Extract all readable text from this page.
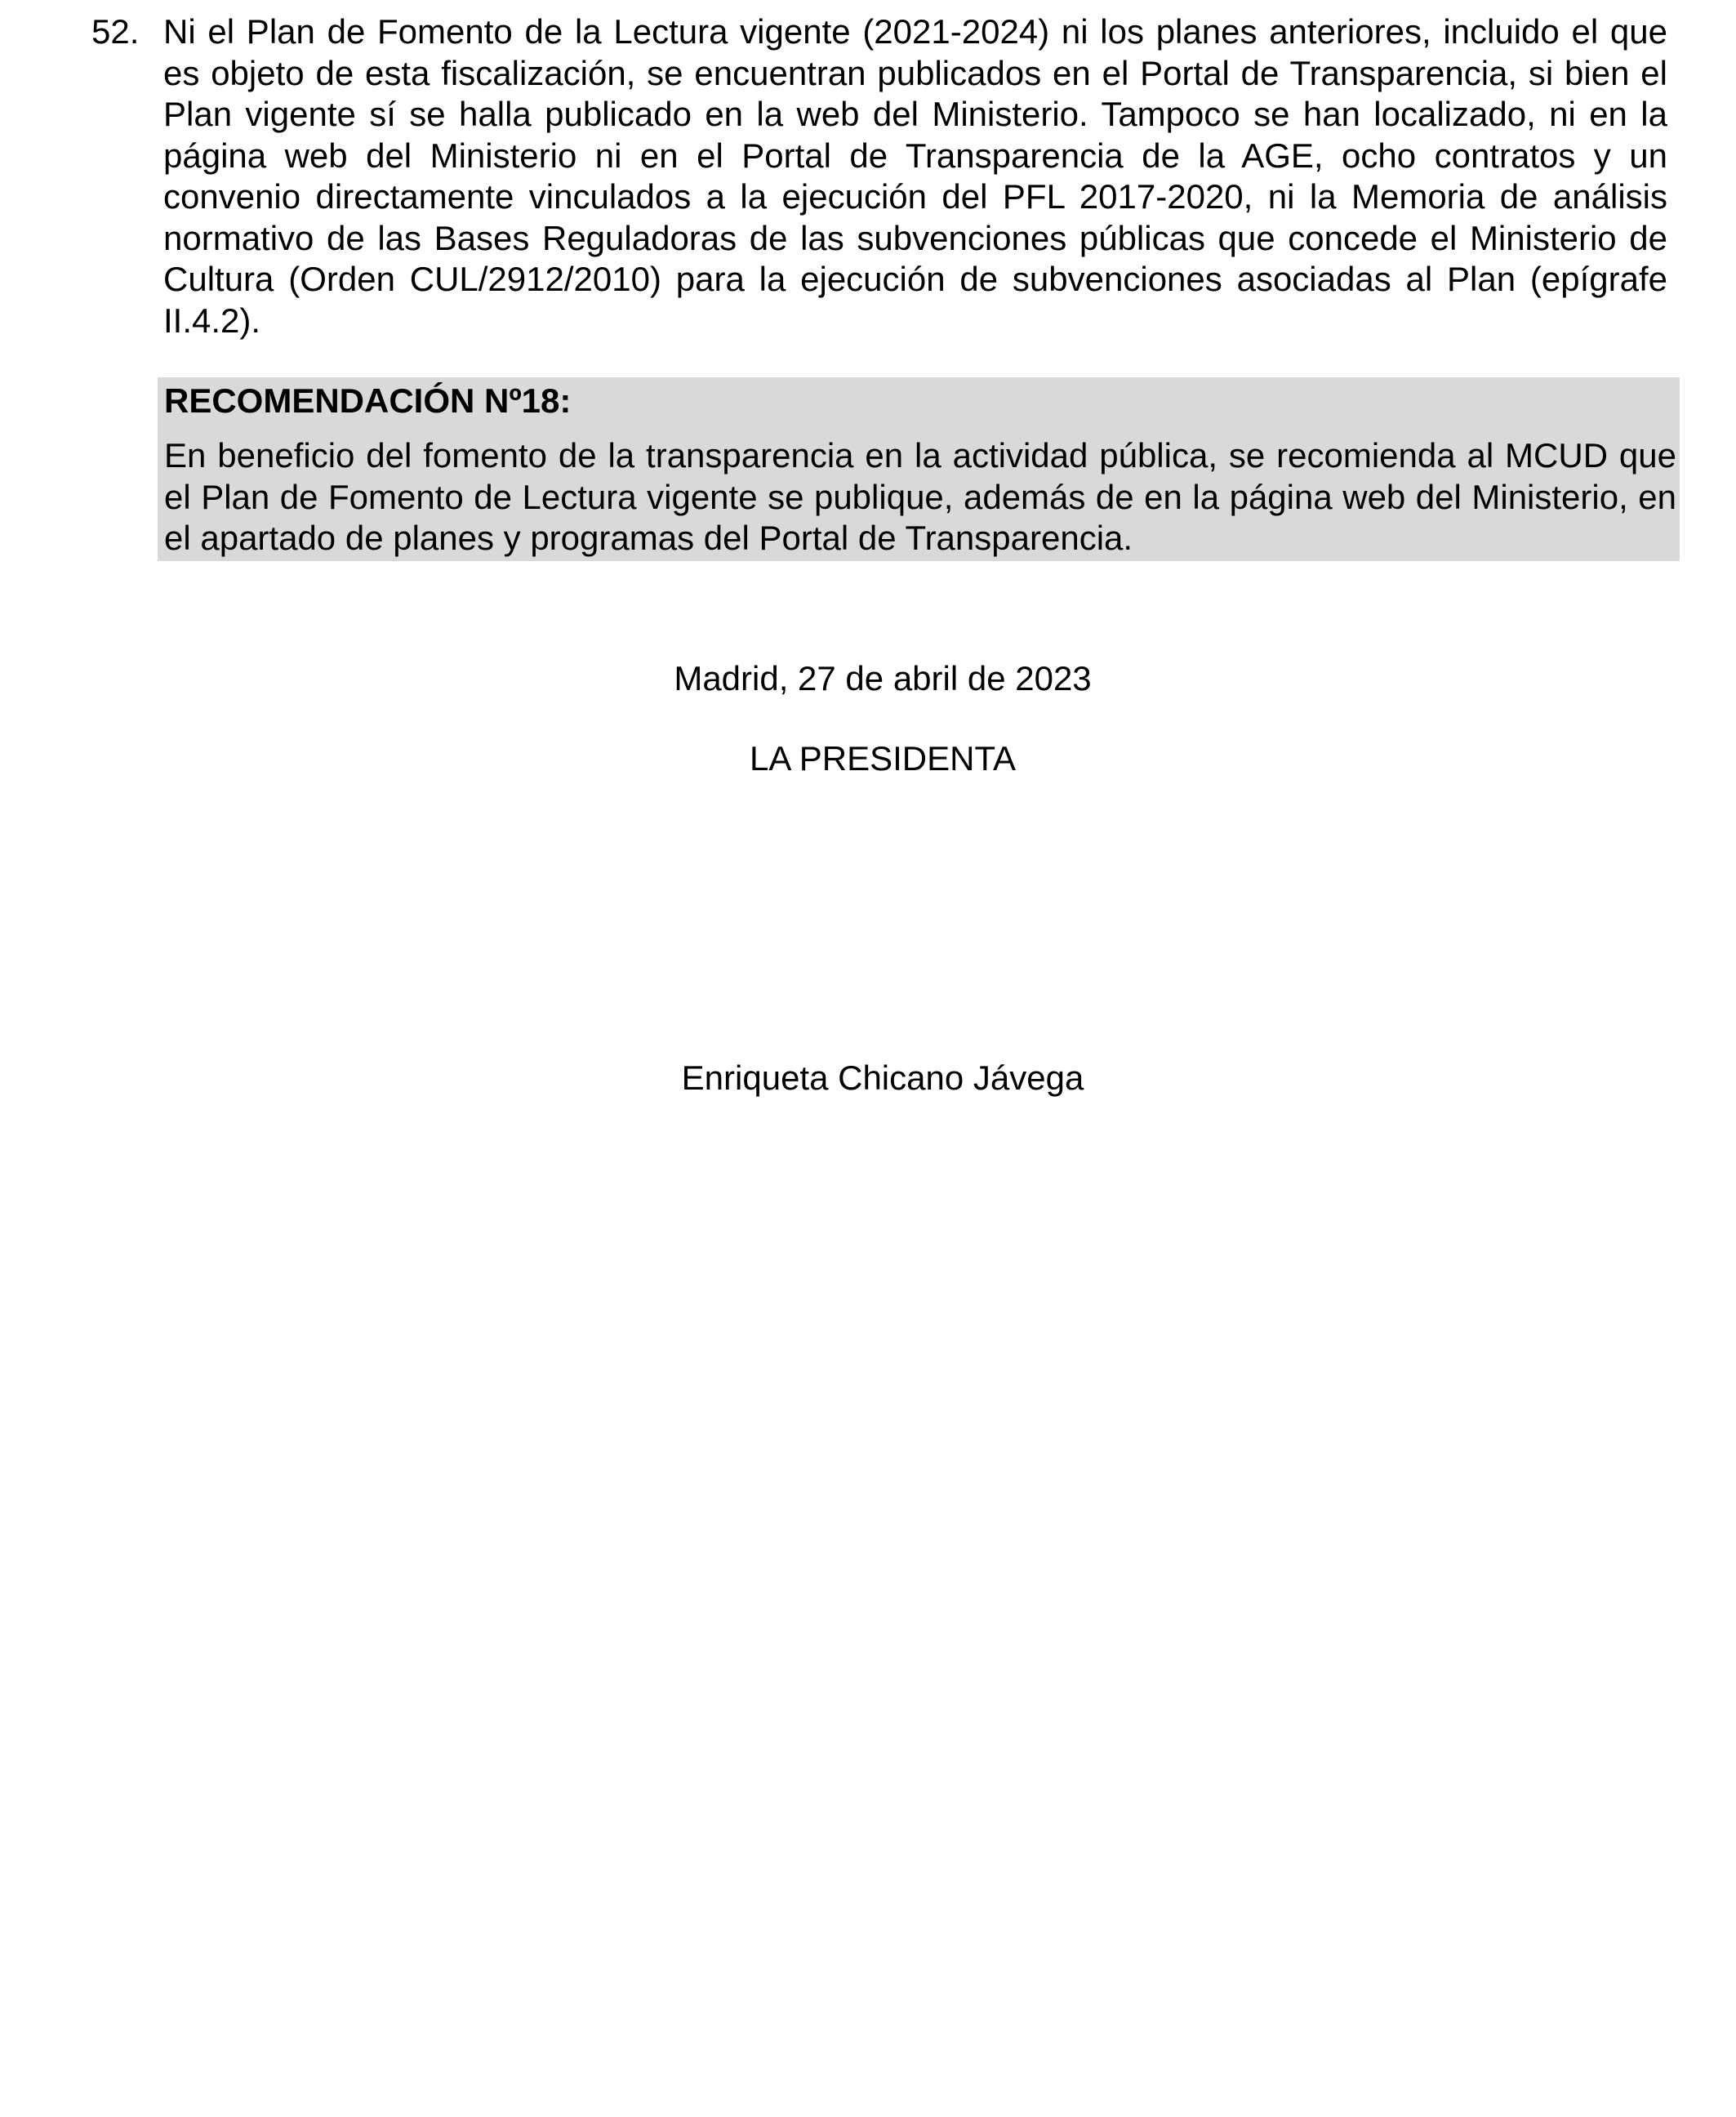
52. Ni el Plan de Fomento de la Lectura vigente (2021-2024) ni los planes anteriores, incluido el que es objeto de esta fiscalización, se encuentran publicados en el Portal de Transparencia, si bien el Plan vigente sí se halla publicado en la web del Ministerio. Tampoco se han localizado, ni en la página web del Ministerio ni en el Portal de Transparencia de la AGE, ocho contratos y un convenio directamente vinculados a la ejecución del PFL 2017-2020, ni la Memoria de análisis normativo de las Bases Reguladoras de las subvenciones públicas que concede el Ministerio de Cultura (Orden CUL/2912/2010) para la ejecución de subvenciones asociadas al Plan (epígrafe II.4.2).
RECOMENDACIÓN Nº18:
En beneficio del fomento de la transparencia en la actividad pública, se recomienda al MCUD que el Plan de Fomento de Lectura vigente se publique, además de en la página web del Ministerio, en el apartado de planes y programas del Portal de Transparencia.
Madrid, 27 de abril de 2023
LA PRESIDENTA
Enriqueta Chicano Jávega
